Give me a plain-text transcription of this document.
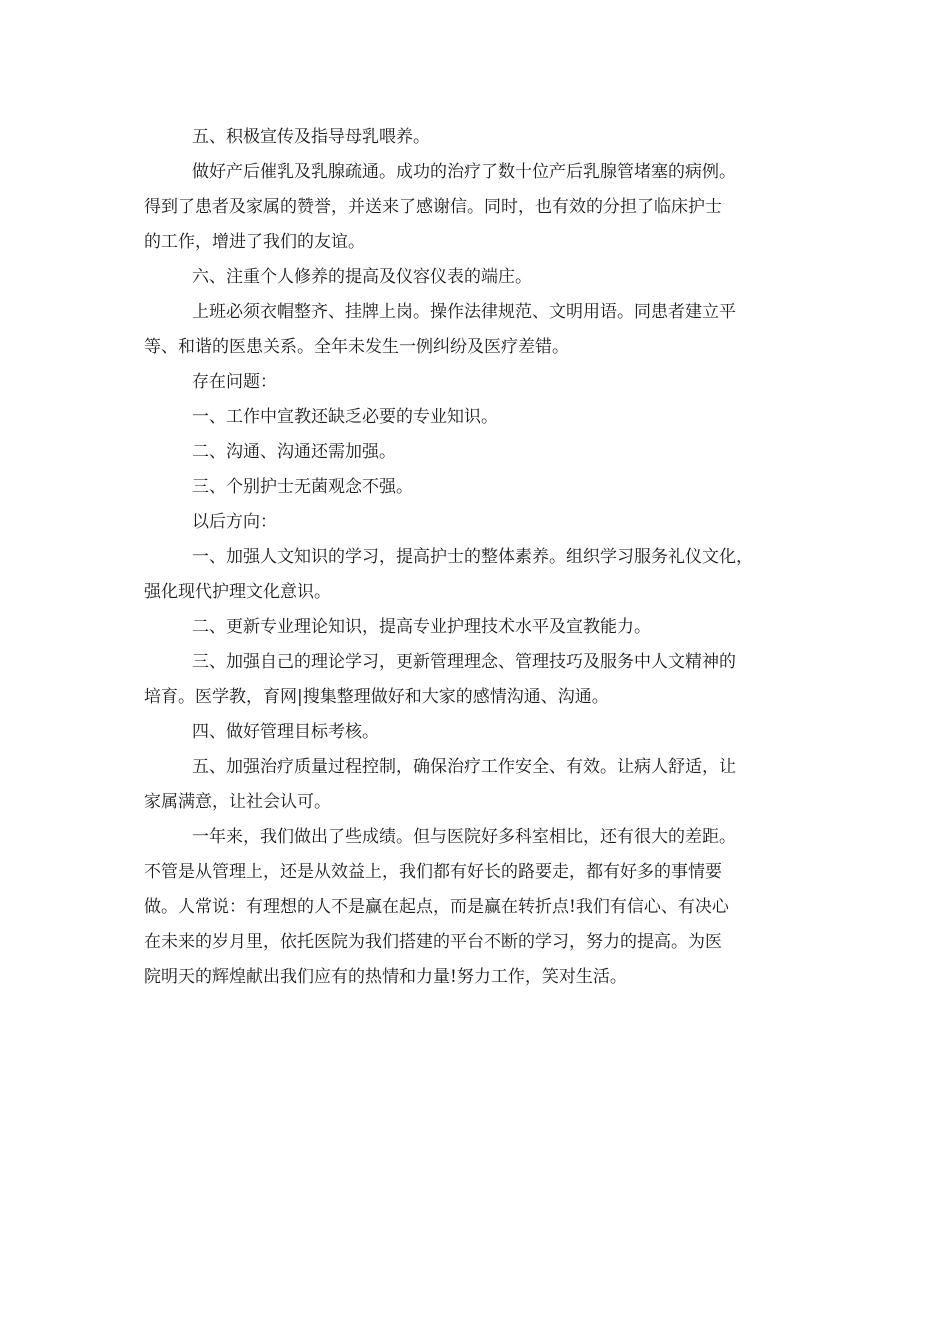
五、积极宣传及指导母乳喂养。
做好产后催乳及乳腺疏通。成功的治疗了数十位产后乳腺管堵塞的病例。
得到了患者及家属的赞誉，并送来了感谢信。同时，也有效的分担了临床护士
的工作，增进了我们的友谊。
六、注重个人修养的提高及仪容仪表的端庄。
上班必须衣帽整齐、挂牌上岗。操作法律规范、文明用语。同患者建立平
等、和谐的医患关系。全年未发生一例纠纷及医疗差错。
存在问题：
一、工作中宣教还缺乏必要的专业知识。
二、沟通、沟通还需加强。
三、个别护士无菌观念不强。
以后方向：
一、加强人文知识的学习，提高护士的整体素养。组织学习服务礼仪文化，
强化现代护理文化意识。
二、更新专业理论知识，提高专业护理技术水平及宣教能力。
三、加强自己的理论学习，更新管理理念、管理技巧及服务中人文精神的
培育。医学教，育网|搜集整理做好和大家的感情沟通、沟通。
四、做好管理目标考核。
五、加强治疗质量过程控制，确保治疗工作安全、有效。让病人舒适，让
家属满意，让社会认可。
一年来，我们做出了些成绩。但与医院好多科室相比，还有很大的差距。
不管是从管理上，还是从效益上，我们都有好长的路要走，都有好多的事情要
做。人常说：有理想的人不是赢在起点，而是赢在转折点!我们有信心、有决心
在未来的岁月里，依托医院为我们搭建的平台不断的学习，努力的提高。为医
院明天的辉煌献出我们应有的热情和力量!努力工作，笑对生活。
